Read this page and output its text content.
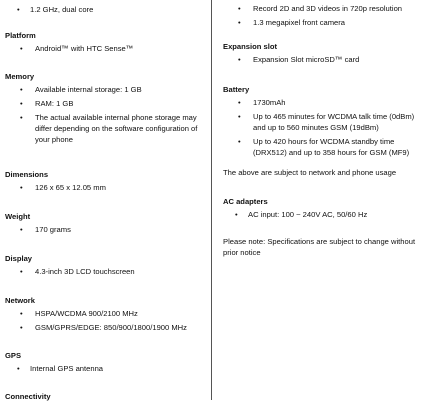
• 1.2 GHz, dual core

Platform

• Android™ with HTC Sense™

Memory

• Available internal storage: 1 GB
• RAM: 1 GB
• The actual available internal phone storage may differ depending on the software configuration of your phone

Dimensions

• 126 x 65 x 12.05 mm

Weight

• 170 grams

Display

• 4.3-inch 3D LCD touchscreen

Network

• HSPA/WCDMA 900/2100 MHz
• GSM/GPRS/EDGE: 850/900/1800/1900 MHz

GPS

• Internal GPS antenna

Connectivity

• Record 2D and 3D videos in 720p resolution
• 1.3 megapixel front camera

Expansion slot

• Expansion Slot microSD™ card

Battery

• 1730mAh
• Up to 465 minutes for WCDMA talk time (0dBm) and up to 560 minutes GSM (19dBm)
• Up to 420 hours for WCDMA standby time (DRX512) and up to 358 hours for GSM (MF9)

The above are subject to network and phone usage

AC adapters

• AC input: 100 ~ 240V AC, 50/60 Hz

Please note: Specifications are subject to change without prior notice
